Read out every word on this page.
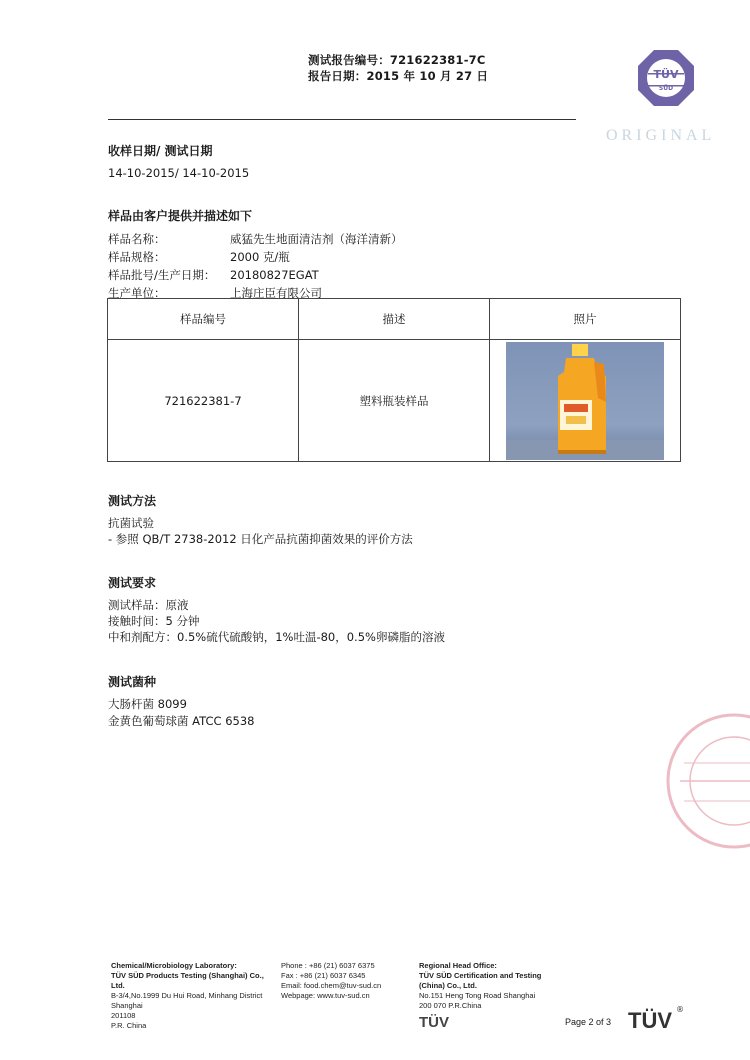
测试报告编号：721622381-7C
报告日期：2015 年 10 月 27 日	TÜV
SÜD
ORIGINAL
收样日期/ 测试日期
14-10-2015/ 14-10-2015
样品由客户提供并描述如下
样品名称：	威猛先生地面清洁剂（海洋清新）
样品规格：	2000 克/瓶
样品批号/生产日期： 20180827EGAT
生产单位：	上海庄臣有限公司
样品编号	描述	照片
721622381-7	塑料瓶装样品	
测试方法
抗菌试验
- 参照 QB/T 2738-2012 日化产品抗菌抑菌效果的评价方法
测试要求
测试样品：原液
接触时间：5 分钟
中和剂配方：0.5%硫代硫酸钠，1%吐温-80，0.5%卵磷脂的溶液
测试菌种
大肠杆菌 8099
金黄色葡萄球菌 ATCC 6538
Chemical/Microbiology Laboratory:
TÜV SÜD Products Testing (Shanghai) Co., Ltd.
B-3/4,No.1999 Du Hui Road, Minhang District Shanghai
201108
P.R. China
Phone : +86 (21) 6037 6375
Fax : +86 (21) 6037 6345
Email: food.chem@tuv-sud.cn
Webpage: www.tuv-sud.cn
Regional Head Office:
TÜV SÜD Certification and Testing (China) Co., Ltd.
No.151 Heng Tong Road Shanghai
200 070 P.R.China
TÜV	Page 2 of 3 TÜV ®
